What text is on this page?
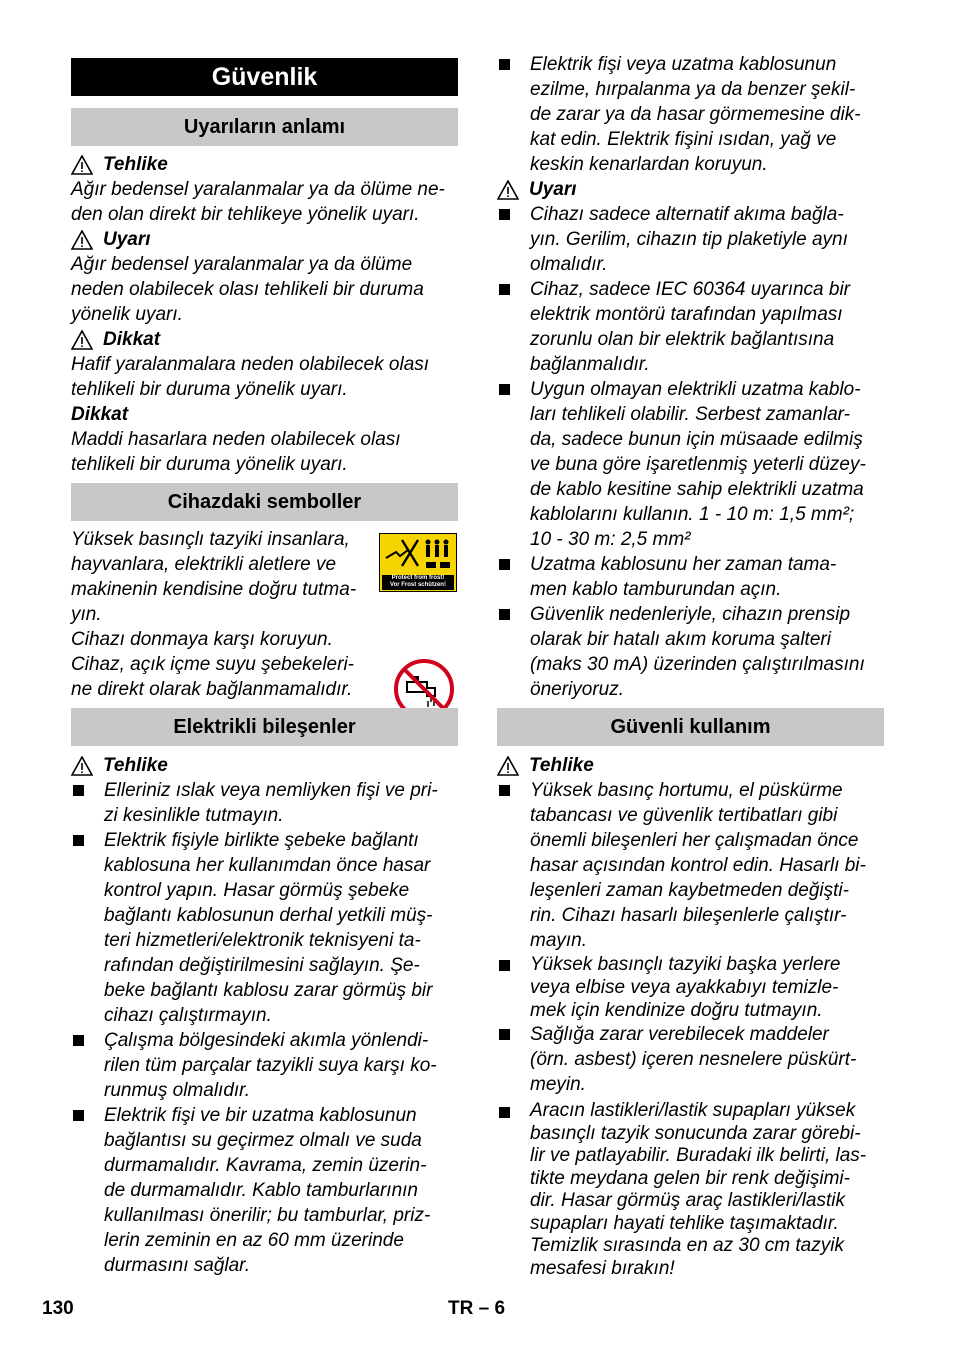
Güvenlik
Uyarıların anlamı
Tehlike

Ağır bedensel yaralanmalar ya da ölüme ne-

den olan direkt bir tehlikeye yönelik uyarı.

Uyarı

Ağır bedensel yaralanmalar ya da ölüme

neden olabilecek olası tehlikeli bir duruma

yönelik uyarı.

Dikkat

Hafif yaralanmalara neden olabilecek olası

tehlikeli bir duruma yönelik uyarı.

Dikkat

Maddi hasarlara neden olabilecek olası

tehlikeli bir duruma yönelik uyarı.

Cihazdaki semboller

Yüksek basınçlı tazyiki insanlara,

hayvanlara, elektrikli aletlere ve

makinenin kendisine doğru tutma-

yın.

Cihazı donmaya karşı koruyun.

Cihaz, açık içme suyu şebekeleri-

ne direkt olarak bağlanmamalıdır.

Protect from frost!
Vor Frost schützen!
Elektrikli bileşenler
Tehlike
Elleriniz ıslak veya nemliyken fişi ve pri-
zi kesinlikle tutmayın.
Elektrik fişiyle birlikte şebeke bağlantı
kablosuna her kullanımdan önce hasar
kontrol yapın. Hasar görmüş şebeke
bağlantı kablosunun derhal yetkili müş-
teri hizmetleri/elektronik teknisyeni ta-
rafından değiştirilmesini sağlayın. Şe-
beke bağlantı kablosu zarar görmüş bir
cihazı çalıştırmayın.
Çalışma bölgesindeki akımla yönlendi-
rilen tüm parçalar tazyikli suya karşı ko-
runmuş olmalıdır.
Elektrik fişi ve bir uzatma kablosunun
bağlantısı su geçirmez olmalı ve suda
durmamalıdır. Kavrama, zemin üzerin-
de durmamalıdır. Kablo tamburlarının
kullanılması önerilir; bu tamburlar, priz-
lerin zeminin en az 60 mm üzerinde
durmasını sağlar.
Elektrik fişi veya uzatma kablosunun
ezilme, hırpalanma ya da benzer şekil-
de zarar ya da hasar görmemesine dik-
kat edin. Elektrik fişini ısıdan, yağ ve
keskin kenarlardan koruyun.
Uyarı
Cihazı sadece alternatif akıma bağla-
yın. Gerilim, cihazın tip plaketiyle aynı
olmalıdır.
Cihaz, sadece IEC 60364 uyarınca bir
elektrik montörü tarafından yapılması
zorunlu olan bir elektrik bağlantısına
bağlanmalıdır.
Uygun olmayan elektrikli uzatma kablo-
ları tehlikeli olabilir. Serbest zamanlar-
da, sadece bunun için müsaade edilmiş
ve buna göre işaretlenmiş yeterli düzey-
de kablo kesitine sahip elektrikli uzatma
kablolarını kullanın. 1 - 10 m: 1,5 mm²;
10 - 30 m: 2,5 mm²
Uzatma kablosunu her zaman tama-
men kablo tamburundan açın.
Güvenlik nedenleriyle, cihazın prensip
olarak bir hatalı akım koruma şalteri
(maks 30 mA) üzerinden çalıştırılmasını
öneriyoruz.
Güvenli kullanım
Tehlike
Yüksek basınç hortumu, el püskürme
tabancası ve güvenlik tertibatları gibi
önemli bileşenleri her çalışmadan önce
hasar açısından kontrol edin. Hasarlı bi-
leşenleri zaman kaybetmeden değişti-
rin. Cihazı hasarlı bileşenlerle çalıştır-
mayın.
Yüksek basınçlı tazyiki başka yerlere
veya elbise veya ayakkabıyı temizle-
mek için kendinize doğru tutmayın.
Sağlığa zarar verebilecek maddeler
(örn. asbest) içeren nesnelere püskürt-
meyin.
Aracın lastikleri/lastik supapları yüksek
basınçlı tazyik sonucunda zarar görebi-
lir ve patlayabilir. Buradaki ilk belirti, las-
tikte meydana gelen bir renk değişimi-
dir. Hasar görmüş araç lastikleri/lastik
supapları hayati tehlike taşımaktadır.
Temizlik sırasında en az 30 cm tazyik
mesafesi bırakın!
130	TR – 6
